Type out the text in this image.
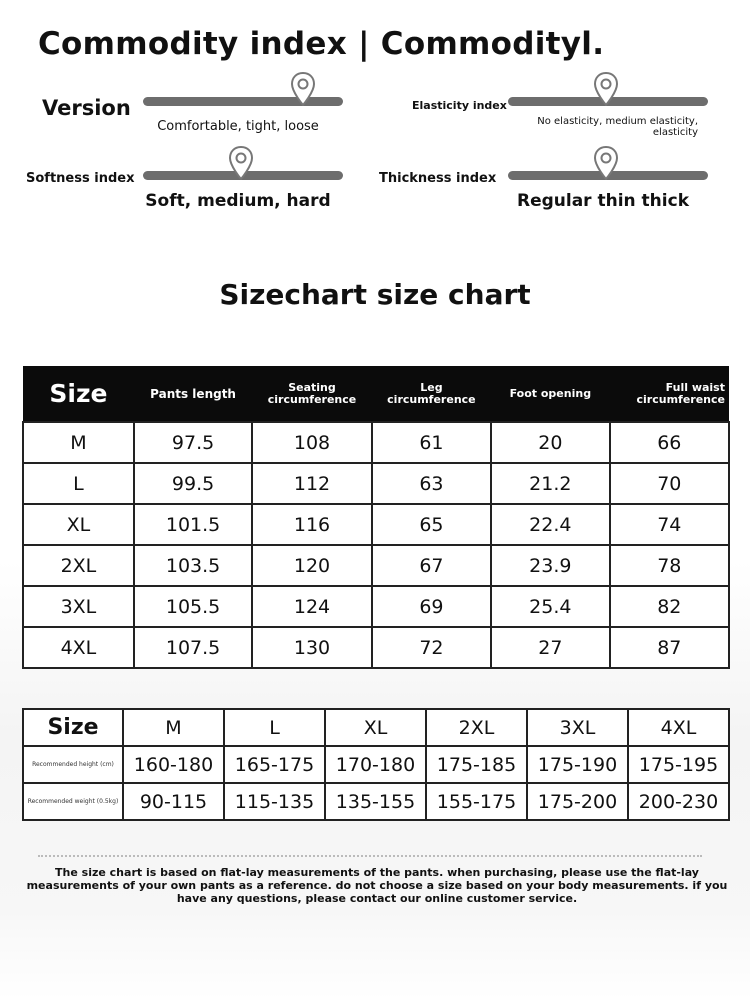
Commodity index | Commodityl.
Version
Comfortable, tight, loose
Elasticity index
No elasticity, medium elasticity,
elasticity
Softness index
Soft, medium, hard
Thickness index
Regular thin thick
Sizechart size chart
Size	Pants length	Seating circumference	Leg circumference	Foot opening	Full waist circumference
M	97.5	108	61	20	66
L	99.5	112	63	21.2	70
XL	101.5	116	65	22.4	74
2XL	103.5	120	67	23.9	78
3XL	105.5	124	69	25.4	82
4XL	107.5	130	72	27	87
Size	M	L	XL	2XL	3XL	4XL
Recommended height (cm)	160-180	165-175	170-180	175-185	175-190	175-195
Recommended weight (0.5kg)	90-115	115-135	135-155	155-175	175-200	200-230
The size chart is based on flat-lay measurements of the pants. when purchasing, please use the flat-lay measurements of your own pants as a reference. do not choose a size based on your body measurements. if you have any questions, please contact our online customer service.
